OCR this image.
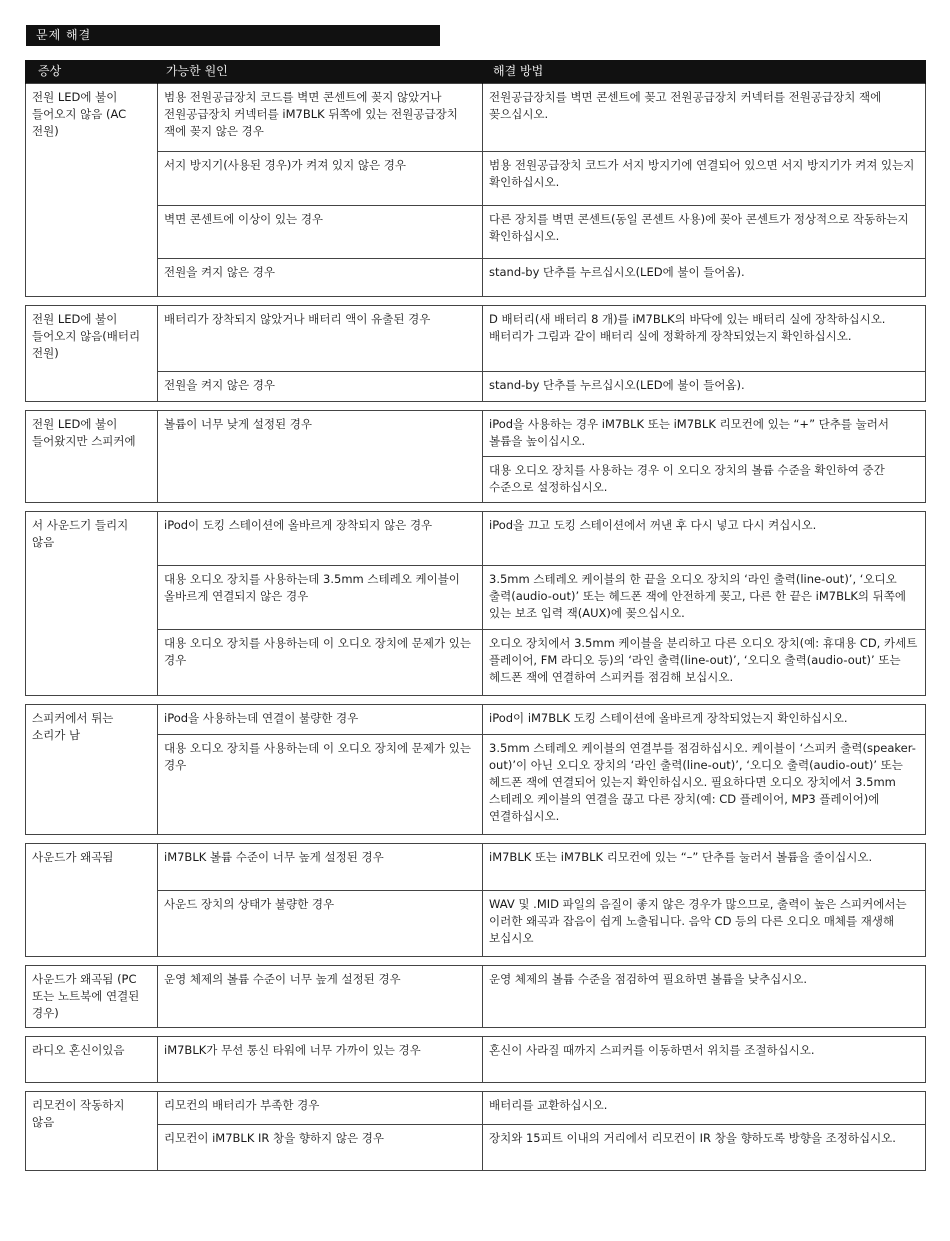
문제 해결
증상	가능한 원인	해결 방법
전원 LED에 불이 들어오지 않음 (AC 전원)	범용 전원공급장치 코드를 벽면 콘센트에 꽂지 않았거나 전원공급장치 커넥터를 iM7BLK 뒤쪽에 있는 전원공급장치 잭에 꽂지 않은 경우	전원공급장치를 벽면 콘센트에 꽂고 전원공급장치 커넥터를 전원공급장치 잭에 꽂으십시오.
	서지 방지기(사용된 경우)가 켜져 있지 않은 경우	범용 전원공급장치 코드가 서지 방지기에 연결되어 있으면 서지 방지기가 켜져 있는지 확인하십시오.
	벽면 콘센트에 이상이 있는 경우	다른 장치를 벽면 콘센트(동일 콘센트 사용)에 꽂아 콘센트가 정상적으로 작동하는지 확인하십시오.
	전원을 켜지 않은 경우	stand-by 단추를 누르십시오(LED에 불이 들어옴).

전원 LED에 불이 들어오지 않음(배터리 전원)	배터리가 장착되지 않았거나 배터리 액이 유출된 경우	D 배터리(새 배터리 8 개)를 iM7BLK의 바닥에 있는 배터리 실에 장착하십시오. 배터리가 그림과 같이 배터리 실에 정확하게 장착되었는지 확인하십시오.
	전원을 켜지 않은 경우	stand-by 단추를 누르십시오(LED에 불이 들어옴).

전원 LED에 불이 들어왔지만 스피커에	볼륨이 너무 낮게 설정된 경우	iPod을 사용하는 경우 iM7BLK 또는 iM7BLK 리모컨에 있는 “+” 단추를 눌러서 볼륨을 높이십시오.
		대용 오디오 장치를 사용하는 경우 이 오디오 장치의 볼륨 수준을 확인하여 중간 수준으로 설정하십시오.

서 사운드기 들리지 않음	iPod이 도킹 스테이션에 올바르게 장착되지 않은 경우	iPod을 끄고 도킹 스테이션에서 꺼낸 후 다시 넣고 다시 켜십시오.
	대용 오디오 장치를 사용하는데 3.5mm 스테레오 케이블이 올바르게 연결되지 않은 경우	3.5mm 스테레오 케이블의 한 끝을 오디오 장치의 ‘라인 출력(line-out)’, ‘오디오 출력(audio-out)’ 또는 헤드폰 잭에 안전하게 꽂고, 다른 한 끝은 iM7BLK의 뒤쪽에 있는 보조 입력 잭(AUX)에 꽂으십시오.
	대용 오디오 장치를 사용하는데 이 오디오 장치에 문제가 있는 경우	오디오 장치에서 3.5mm 케이블을 분리하고 다른 오디오 장치(예: 휴대용 CD, 카세트 플레이어, FM 라디오 등)의 ‘라인 출력(line-out)’, ‘오디오 출력(audio-out)’ 또는 헤드폰 잭에 연결하여 스피커를 점검해 보십시오.

스피커에서 튀는 소리가 남	iPod을 사용하는데 연결이 불량한 경우	iPod이 iM7BLK 도킹 스테이션에 올바르게 장착되었는지 확인하십시오.
	대용 오디오 장치를 사용하는데 이 오디오 장치에 문제가 있는 경우	3.5mm 스테레오 케이블의 연결부를 점검하십시오. 케이블이 ‘스피커 출력(speaker-out)’이 아닌 오디오 장치의 ‘라인 출력(line-out)’, ‘오디오 출력(audio-out)’ 또는 헤드폰 잭에 연결되어 있는지 확인하십시오. 필요하다면 오디오 장치에서 3.5mm 스테레오 케이블의 연결을 끊고 다른 장치(예: CD 플레이어, MP3 플레이어)에 연결하십시오.

사운드가 왜곡됨	iM7BLK 볼륨 수준이 너무 높게 설정된 경우	iM7BLK 또는 iM7BLK 리모컨에 있는 “–” 단추를 눌러서 볼륨을 줄이십시오.
	사운드 장치의 상태가 불량한 경우	WAV 및 .MID 파일의 음질이 좋지 않은 경우가 많으므로, 출력이 높은 스피커에서는 이러한 왜곡과 잡음이 쉽게 노출됩니다. 음악 CD 등의 다른 오디오 매체를 재생해 보십시오

사운드가 왜곡됨 (PC 또는 노트북에 연결된 경우)	운영 체제의 볼륨 수준이 너무 높게 설정된 경우	운영 체제의 볼륨 수준을 점검하여 필요하면 볼륨을 낮추십시오.

라디오 혼신이있음	iM7BLK가 무선 통신 타워에 너무 가까이 있는 경우	혼신이 사라질 때까지 스피커를 이동하면서 위치를 조절하십시오.

리모컨이 작동하지 않음	리모컨의 배터리가 부족한 경우	배터리를 교환하십시오.
	리모컨이 iM7BLK IR 창을 향하지 않은 경우	장치와 15피트 이내의 거리에서 리모컨이 IR 창을 향하도록 방향을 조정하십시오.
